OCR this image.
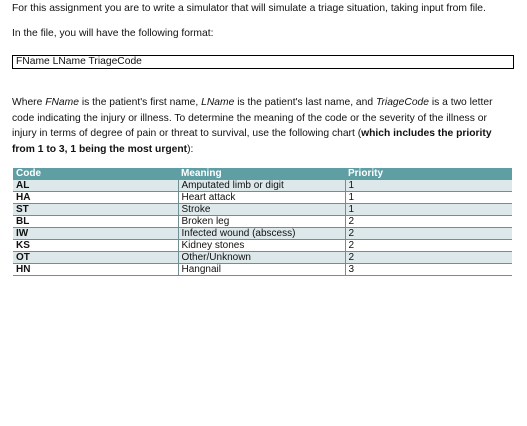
For this assignment you are to write a simulator that will simulate a triage situation, taking input from file.
In the file, you will have the following format:
FName LName TriageCode
Where FName is the patient's first name, LName is the patient's last name, and TriageCode is a two letter code indicating the injury or illness. To determine the meaning of the code or the severity of the illness or injury in terms of degree of pain or threat to survival, use the following chart (which includes the priority from 1 to 3, 1 being the most urgent):
Code	Meaning	Priority
AL	Amputated limb or digit	1
HA	Heart attack	1
ST	Stroke	1
BL	Broken leg	2
IW	Infected wound (abscess)	2
KS	Kidney stones	2
OT	Other/Unknown	2
HN	Hangnail	3
